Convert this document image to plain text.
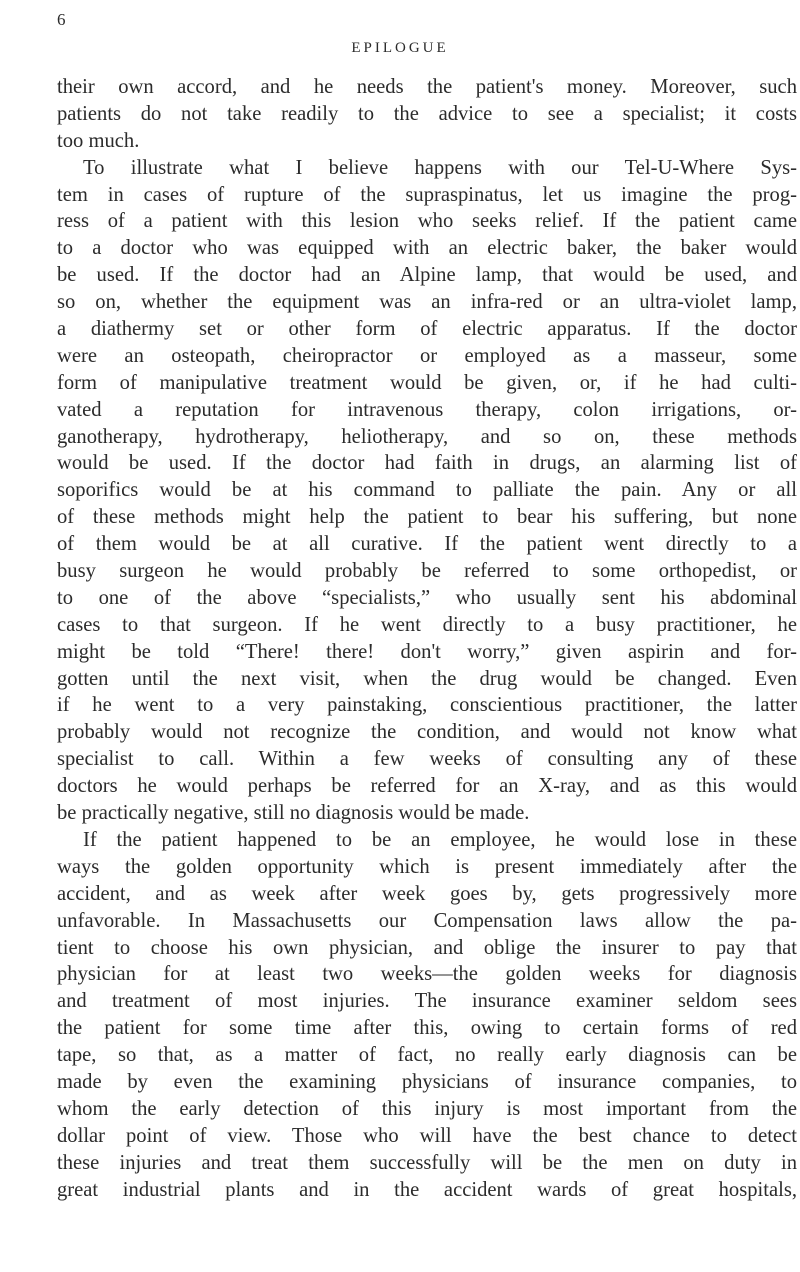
6
EPILOGUE
their own accord, and he needs the patient's money. Moreover, such
patients do not take readily to the advice to see a specialist; it costs
too much.
To illustrate what I believe happens with our Tel-U-Where Sys-
tem in cases of rupture of the supraspinatus, let us imagine the prog-
ress of a patient with this lesion who seeks relief. If the patient came
to a doctor who was equipped with an electric baker, the baker would
be used. If the doctor had an Alpine lamp, that would be used, and
so on, whether the equipment was an infra-red or an ultra-violet lamp,
a diathermy set or other form of electric apparatus. If the doctor
were an osteopath, cheiropractor or employed as a masseur, some
form of manipulative treatment would be given, or, if he had culti-
vated a reputation for intravenous therapy, colon irrigations, or-
ganotherapy, hydrotherapy, heliotherapy, and so on, these methods
would be used. If the doctor had faith in drugs, an alarming list of
soporifics would be at his command to palliate the pain. Any or all
of these methods might help the patient to bear his suffering, but none
of them would be at all curative. If the patient went directly to a
busy surgeon he would probably be referred to some orthopedist, or
to one of the above “specialists,” who usually sent his abdominal
cases to that surgeon. If he went directly to a busy practitioner, he
might be told “There! there! don't worry,” given aspirin and for-
gotten until the next visit, when the drug would be changed. Even
if he went to a very painstaking, conscientious practitioner, the latter
probably would not recognize the condition, and would not know what
specialist to call. Within a few weeks of consulting any of these
doctors he would perhaps be referred for an X-ray, and as this would
be practically negative, still no diagnosis would be made.
If the patient happened to be an employee, he would lose in these
ways the golden opportunity which is present immediately after the
accident, and as week after week goes by, gets progressively more
unfavorable. In Massachusetts our Compensation laws allow the pa-
tient to choose his own physician, and oblige the insurer to pay that
physician for at least two weeks—the golden weeks for diagnosis
and treatment of most injuries. The insurance examiner seldom sees
the patient for some time after this, owing to certain forms of red
tape, so that, as a matter of fact, no really early diagnosis can be
made by even the examining physicians of insurance companies, to
whom the early detection of this injury is most important from the
dollar point of view. Those who will have the best chance to detect
these injuries and treat them successfully will be the men on duty in
great industrial plants and in the accident wards of great hospitals,
